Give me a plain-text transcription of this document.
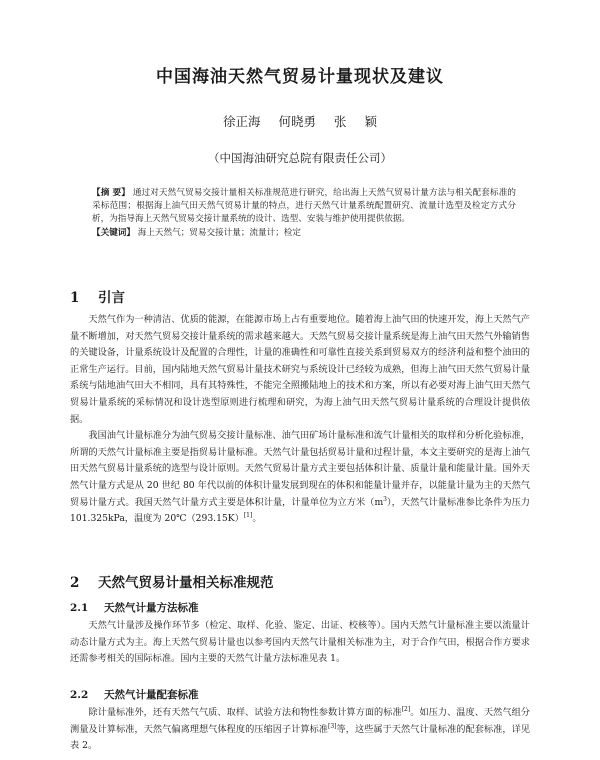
中国海油天然气贸易计量现状及建议
徐正海 何晓勇 张 颖
（中国海油研究总院有限责任公司）

【摘 要】 通过对天然气贸易交接计量相关标准规范进行研究，给出海上天然气贸易计量方法与相关配套标准的采标范围；根据海上油气田天然气贸易计量的特点，进行天然气计量系统配置研究、流量计选型及检定方式分析，为指导海上天然气贸易交接计量系统的设计、选型、安装与维护使用提供依据。

【关键词】 海上天然气；贸易交接计量；流量计；检定

1 引言

天然气作为一种清洁、优质的能源，在能源市场上占有重要地位。随着海上油气田的快速开发，海上天然气产量不断增加，对天然气贸易交接计量系统的需求越来越大。天然气贸易交接计量系统是海上油气田天然气外输销售的关键设备，计量系统设计及配置的合理性，计量的准确性和可靠性直接关系到贸易双方的经济利益和整个油田的正常生产运行。目前，国内陆地天然气贸易计量技术研究与系统设计已经较为成熟，但海上油气田天然气贸易计量系统与陆地油气田大不相同，具有其特殊性，不能完全照搬陆地上的技术和方案，所以有必要对海上油气田天然气贸易计量系统的采标情况和设计选型原则进行梳理和研究，为海上油气田天然气贸易计量系统的合理设计提供依据。

我国油气计量标准分为油气贸易交接计量标准、油气田矿场计量标准和流气计量相关的取样和分析化验标准，所谓的天然气计量标准主要是指贸易计量标准。天然气计量包括贸易计量和过程计量，本文主要研究的是海上油气田天然气贸易计量系统的选型与设计原则。天然气贸易计量方式主要包括体积计量、质量计量和能量计量。国外天然气计量方式是从 20 世纪 80 年代以前的体积计量发展到现在的体积和能量计量并存，以能量计量为主的天然气贸易计量方式。我国天然气计量方式主要是体积计量，计量单位为立方米$(m^3)$，天然气计量标准参比条件为压力 101.325kPa，温度为 20℃（293.15K）[1]。

2 天然气贸易计量相关标准规范
2.1 天然气计量方法标准

天然气计量涉及操作环节多（检定、取样、化验、鉴定、出证、校核等）。国内天然气计量标准主要以流量计动态计量方式为主。海上天然气贸易计量也以参考国内天然气计量相关标准为主，对于合作气田，根据合作方要求还需参考相关的国际标准。国内主要的天然气计量方法标准见表 1。

2.2 天然气计量配套标准

除计量标准外，还有天然气气质、取样、试验方法和物性参数计算方面的标准[2]。如压力、温度、天然气组分测量及计算标准，天然气偏离理想气体程度的压缩因子计算标准[3]等，这些属于天然气计量标准的配套标准，详见表 2。
